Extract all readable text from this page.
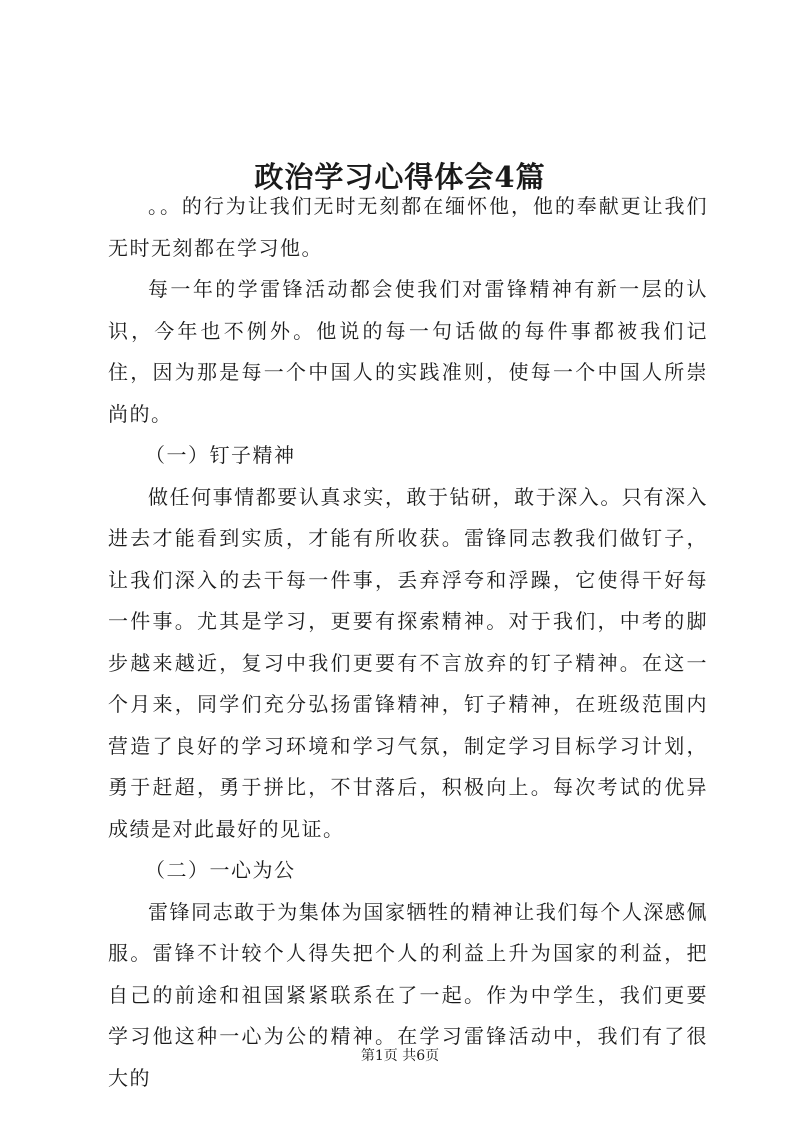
政治学习心得体会4篇

。。的行为让我们无时无刻都在缅怀他，他的奉献更让我们无时无刻都在学习他。

每一年的学雷锋活动都会使我们对雷锋精神有新一层的认识，今年也不例外。他说的每一句话做的每件事都被我们记住，因为那是每一个中国人的实践准则，使每一个中国人所崇尚的。

（一）钉子精神

做任何事情都要认真求实，敢于钻研，敢于深入。只有深入进去才能看到实质，才能有所收获。雷锋同志教我们做钉子，让我们深入的去干每一件事，丢弃浮夸和浮躁，它使得干好每一件事。尤其是学习，更要有探索精神。对于我们，中考的脚步越来越近，复习中我们更要有不言放弃的钉子精神。在这一个月来，同学们充分弘扬雷锋精神，钉子精神，在班级范围内营造了良好的学习环境和学习气氛，制定学习目标学习计划，勇于赶超，勇于拼比，不甘落后，积极向上。每次考试的优异成绩是对此最好的见证。

（二）一心为公

雷锋同志敢于为集体为国家牺牲的精神让我们每个人深感佩服。雷锋不计较个人得失把个人的利益上升为国家的利益，把自己的前途和祖国紧紧联系在了一起。作为中学生，我们更要学习他这种一心为公的精神。在学习雷锋活动中，我们有了很大的

第1页 共6页
